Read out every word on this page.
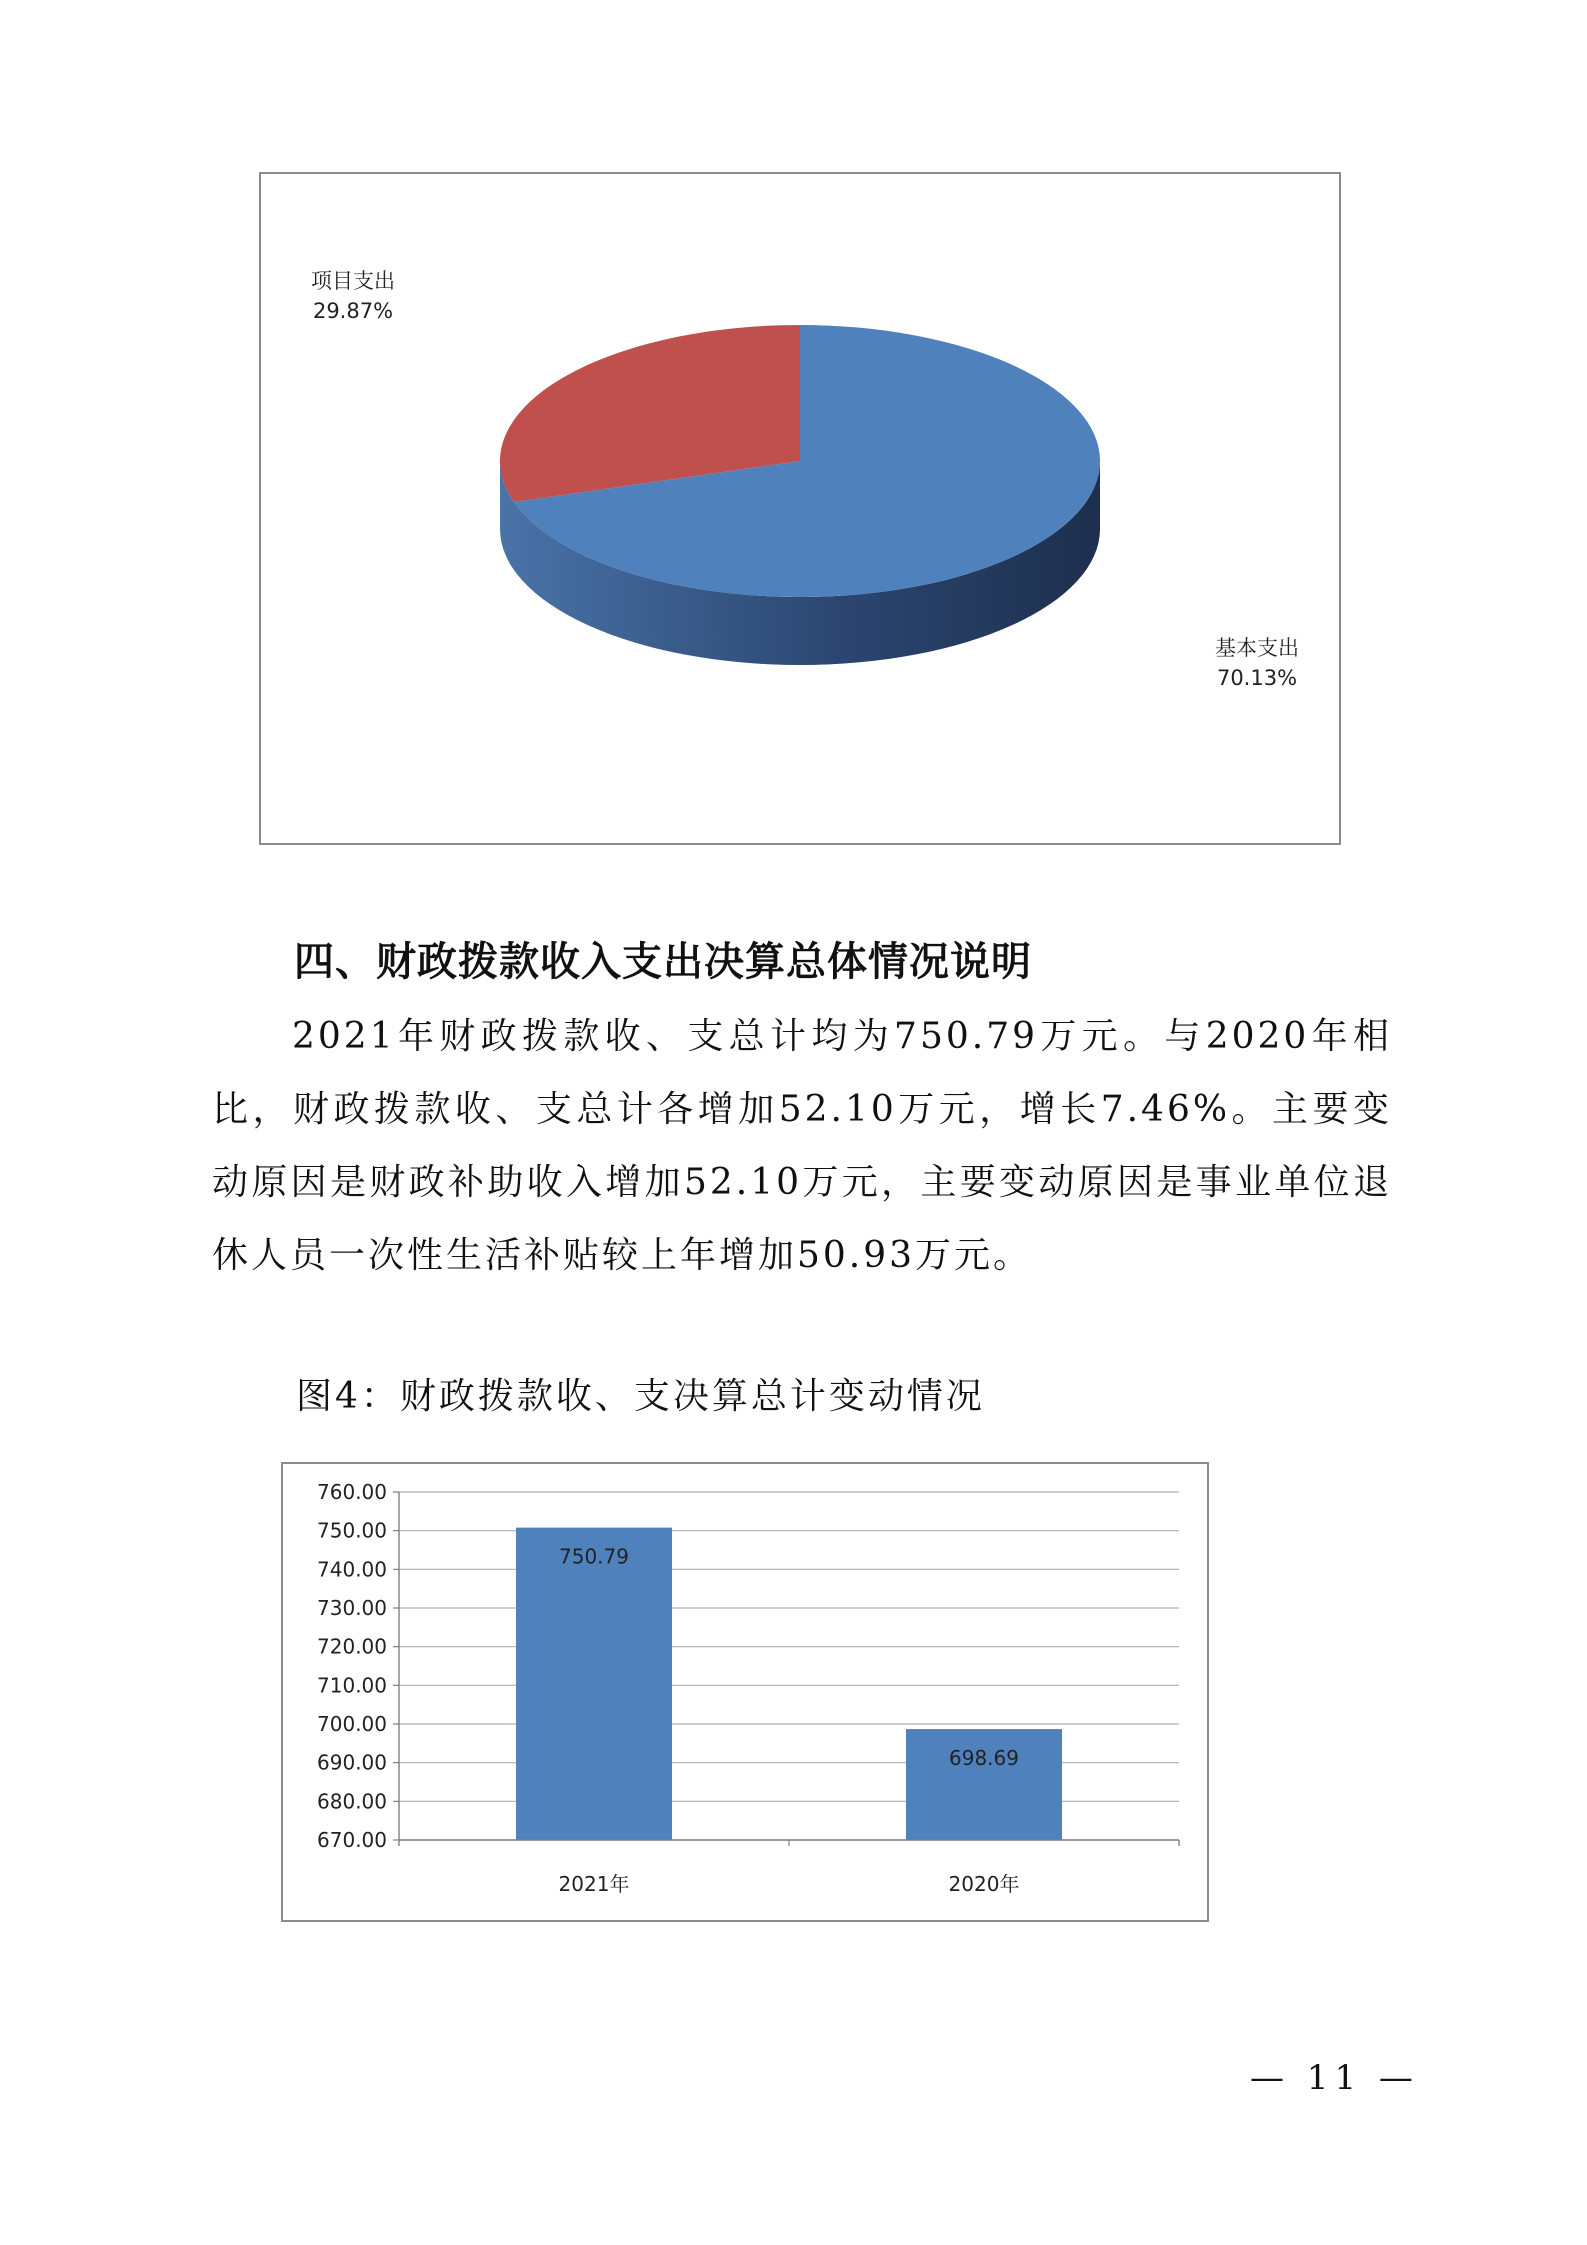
项目支出
29.87%
基本支出
70.13%
四、财政拨款收入支出决算总体情况说明
2021年财政拨款收、支总计均为750.79万元。与2020年相比，财政拨款收、支总计各增加52.10万元，增长7.46%。主要变动原因是财政补助收入增加52.10万元，主要变动原因是事业单位退休人员一次性生活补贴较上年增加50.93万元。
图4：财政拨款收、支决算总计变动情况
760.00
750.00
740.00
730.00
720.00
710.00
700.00
690.00
680.00
670.00
750.79
698.69
2021年	2020年
— 11 —
